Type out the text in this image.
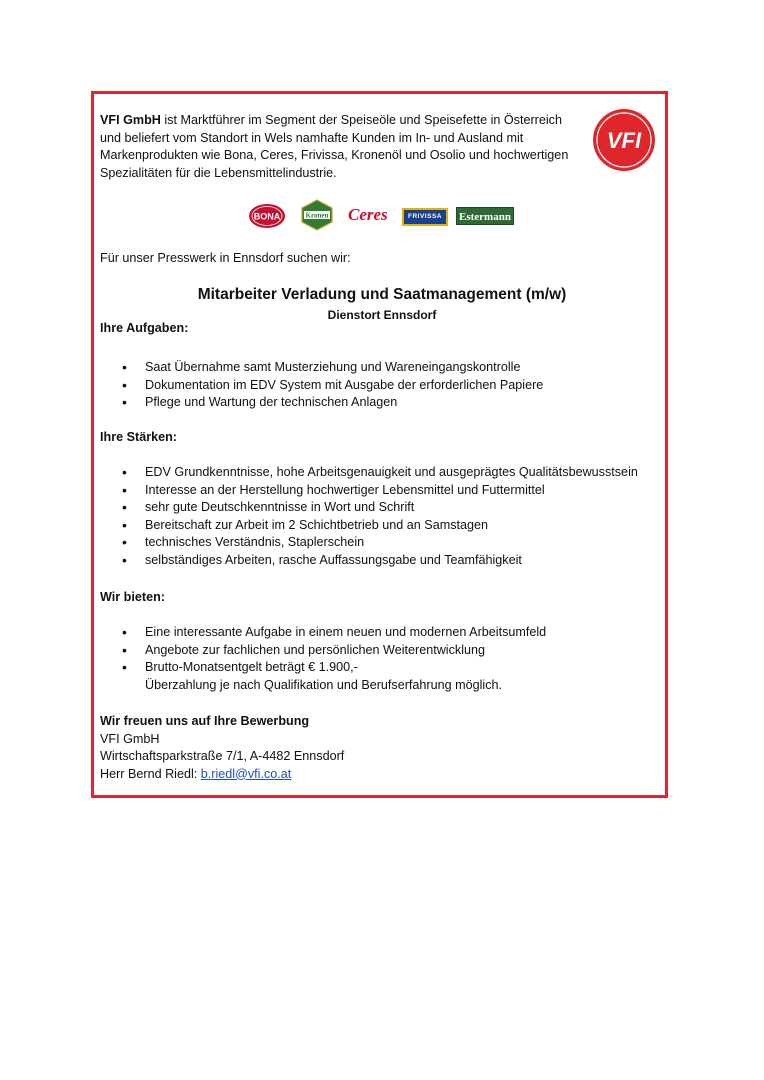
VFI GmbH ist Marktführer im Segment der Speiseöle und Speisefette in Österreich und beliefert vom Standort in Wels namhafte Kunden im In- und Ausland mit Markenprodukten wie Bona, Ceres, Frivissa, Kronenöl und Osolio und hochwertigen Spezialitäten für die Lebensmittelindustrie.

VFI
BONA	Kronen Ceres	FRIVISSA	Estermann

Für unser Presswerk in Ennsdorf suchen wir:

Mitarbeiter Verladung und Saatmanagement (m/w)

Dienstort Ennsdorf

Ihre Aufgaben:

• Saat Übernahme samt Musterziehung und Wareneingangskontrolle
• Dokumentation im EDV System mit Ausgabe der erforderlichen Papiere
• Pflege und Wartung der technischen Anlagen

Ihre Stärken:

• EDV Grundkenntnisse, hohe Arbeitsgenauigkeit und ausgeprägtes Qualitätsbewusstsein
• Interesse an der Herstellung hochwertiger Lebensmittel und Futtermittel
• sehr gute Deutschkenntnisse in Wort und Schrift
• Bereitschaft zur Arbeit im 2 Schichtbetrieb und an Samstagen
• technisches Verständnis, Staplerschein
• selbständiges Arbeiten, rasche Auffassungsgabe und Teamfähigkeit

Wir bieten:

• Eine interessante Aufgabe in einem neuen und modernen Arbeitsumfeld
• Angebote zur fachlichen und persönlichen Weiterentwicklung
• Brutto-Monatsentgelt beträgt € 1.900,-
Überzahlung je nach Qualifikation und Berufserfahrung möglich.
Wir freuen uns auf Ihre Bewerbung
VFI GmbH
Wirtschaftsparkstraße 7/1, A-4482 Ennsdorf
Herr Bernd Riedl: b.riedl@vfi.co.at
